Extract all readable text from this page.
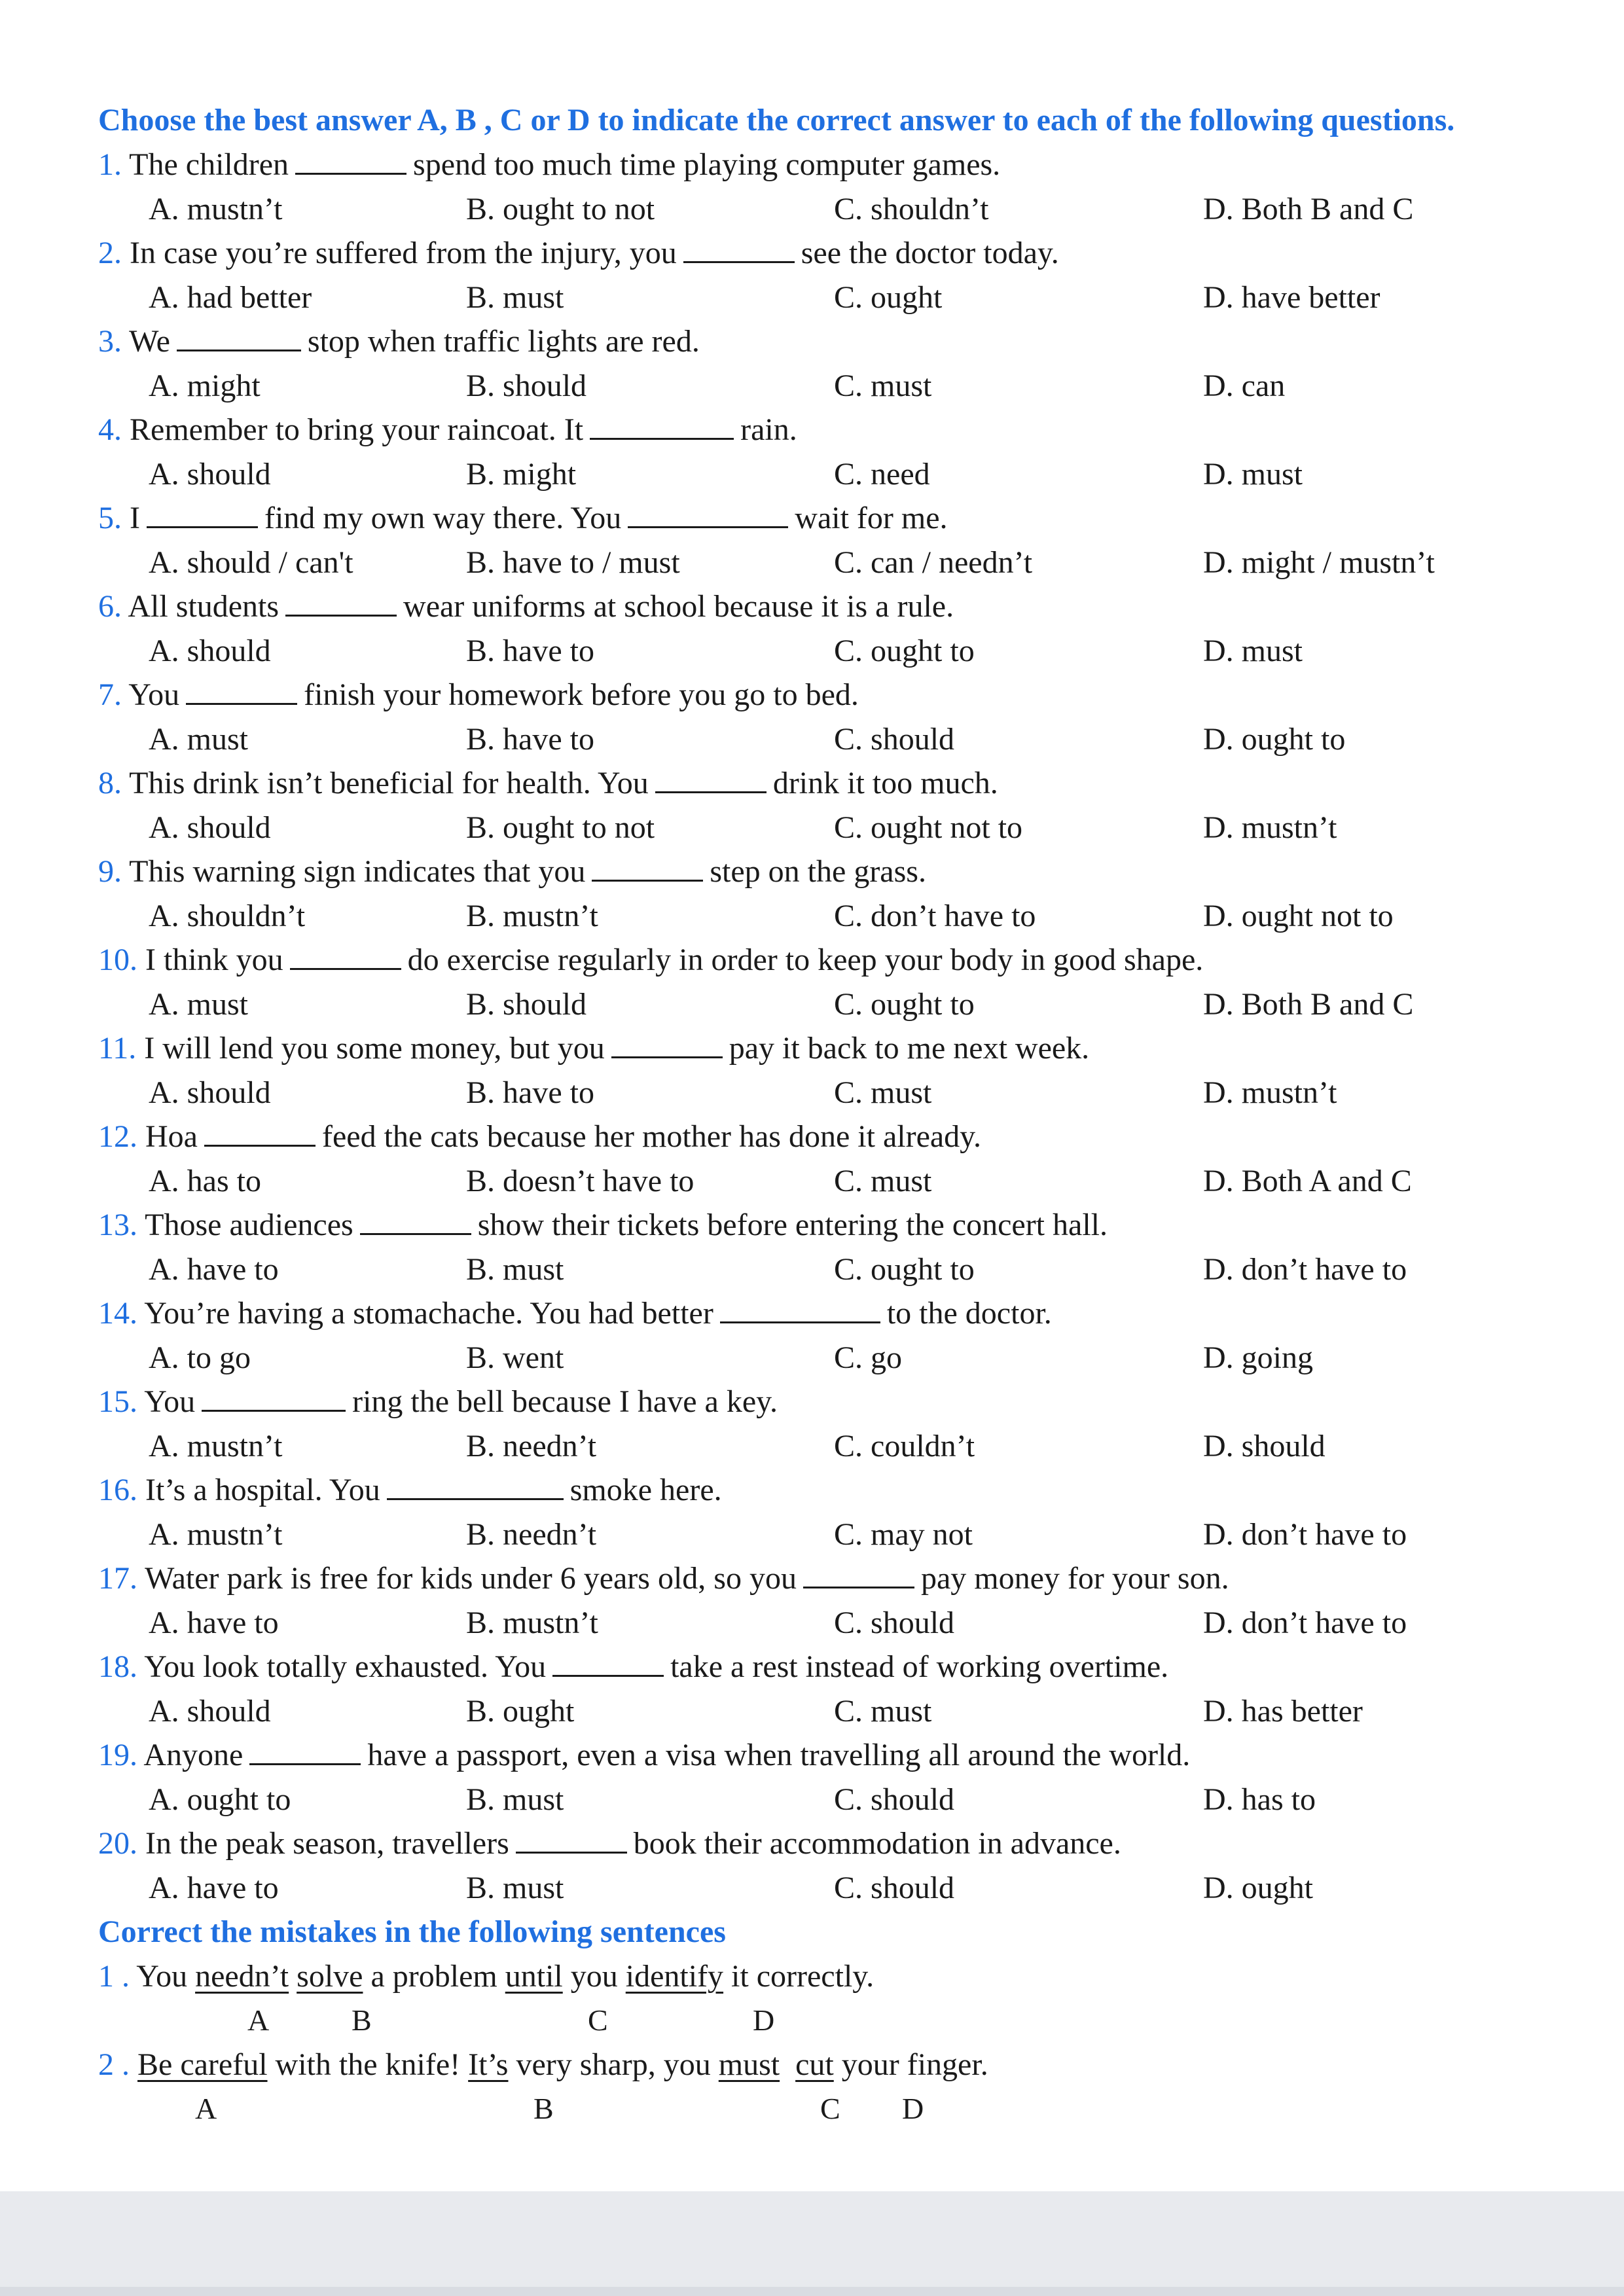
Choose the best answer A, B , C or D to indicate the correct answer to each of the following questions.

1. The children	spend too much time playing computer games.
A. mustn’t	B. ought to not	C. shouldn’t	D. Both B and C
2. In case you’re suffered from the injury, you	see the doctor today.
A. had better	B. must	C. ought	D. have better
3. We	stop when traffic lights are red.
A. might	B. should	C. must	D. can
4. Remember to bring your raincoat. It	rain.
A. should	B. might	C. need	D. must
5. I	find my own way there. You	wait for me.
A. should / can't	B. have to / must	C. can / needn’t	D. might / mustn’t
6. All students	wear uniforms at school because it is a rule.
A. should	B. have to	C. ought to	D. must
7. You	finish your homework before you go to bed.
A. must	B. have to	C. should	D. ought to
8. This drink isn’t beneficial for health. You	drink it too much.
A. should	B. ought to not	C. ought not to	D. mustn’t
9. This warning sign indicates that you	step on the grass.
A. shouldn’t	B. mustn’t	C. don’t have to	D. ought not to
10. I think you	do exercise regularly in order to keep your body in good shape.
A. must	B. should	C. ought to	D. Both B and C
11. I will lend you some money, but you	pay it back to me next week.
A. should	B. have to	C. must	D. mustn’t
12. Hoa	feed the cats because her mother has done it already.
A. has to	B. doesn’t have to	C. must	D. Both A and C
13. Those audiences	show their tickets before entering the concert hall.
A. have to	B. must	C. ought to	D. don’t have to
14. You’re having a stomachache. You had better	to the doctor.
A. to go	B. went	C. go	D. going
15. You	ring the bell because I have a key.
A. mustn’t	B. needn’t	C. couldn’t	D. should
16. It’s a hospital. You	smoke here.
A. mustn’t	B. needn’t	C. may not	D. don’t have to
17. Water park is free for kids under 6 years old, so you	pay money for your son.
A. have to	B. mustn’t	C. should	D. don’t have to
18. You look totally exhausted. You	take a rest instead of working overtime.
A. should	B. ought	C. must	D. has better
19. Anyone	have a passport, even a visa when travelling all around the world.
A. ought to	B. must	C. should	D. has to
20. In the peak season, travellers	book their accommodation in advance.
A. have to	B. must	C. should	D. ought
Correct the mistakes in the following sentences
1 . You needn’t solve a problem until you identify it correctly.
A	B	C	D
2 . Be careful with the knife! It’s very sharp, you must cut your finger.
A	B	C D
